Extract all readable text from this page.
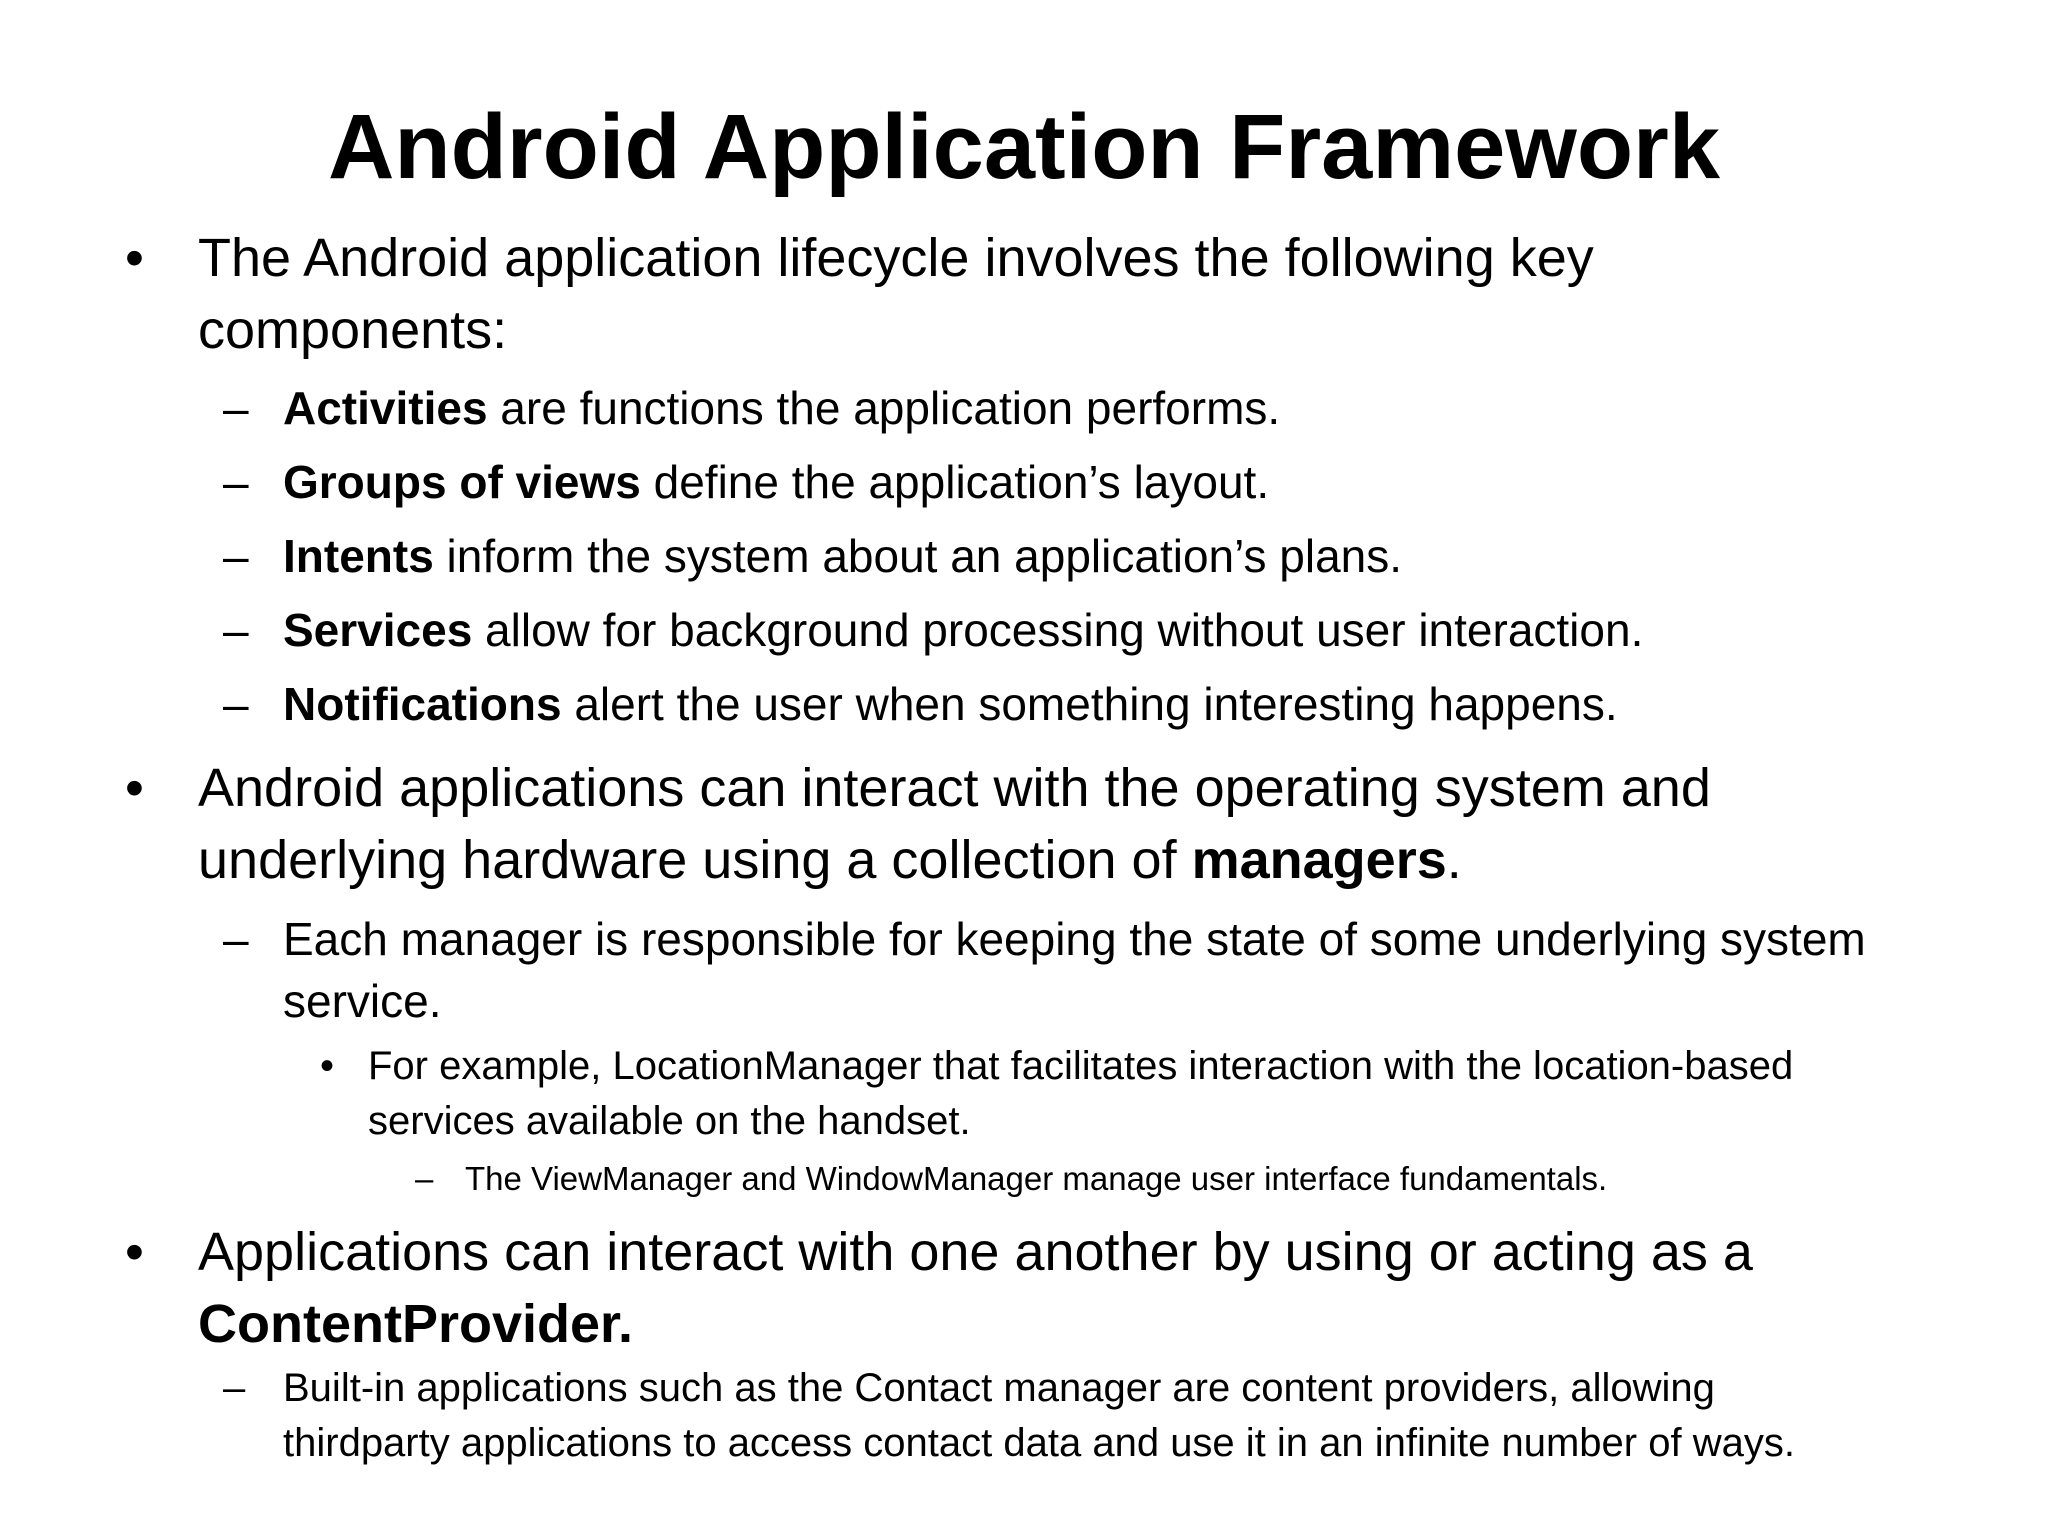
Android Application Framework
• The Android application lifecycle involves the following key
components:
– Activities are functions the application performs.
– Groups of views define the application’s layout.
– Intents inform the system about an application’s plans.
– Services allow for background processing without user interaction.
– Notifications alert the user when something interesting happens.
• Android applications can interact with the operating system and
underlying hardware using a collection of managers.
– Each manager is responsible for keeping the state of some underlying system
service.
• For example, LocationManager that facilitates interaction with the location-based
services available on the handset.
– The ViewManager and WindowManager manage user interface fundamentals.
• Applications can interact with one another by using or acting as a
ContentProvider.
– Built-in applications such as the Contact manager are content providers, allowing
thirdparty applications to access contact data and use it in an infinite number of ways.
